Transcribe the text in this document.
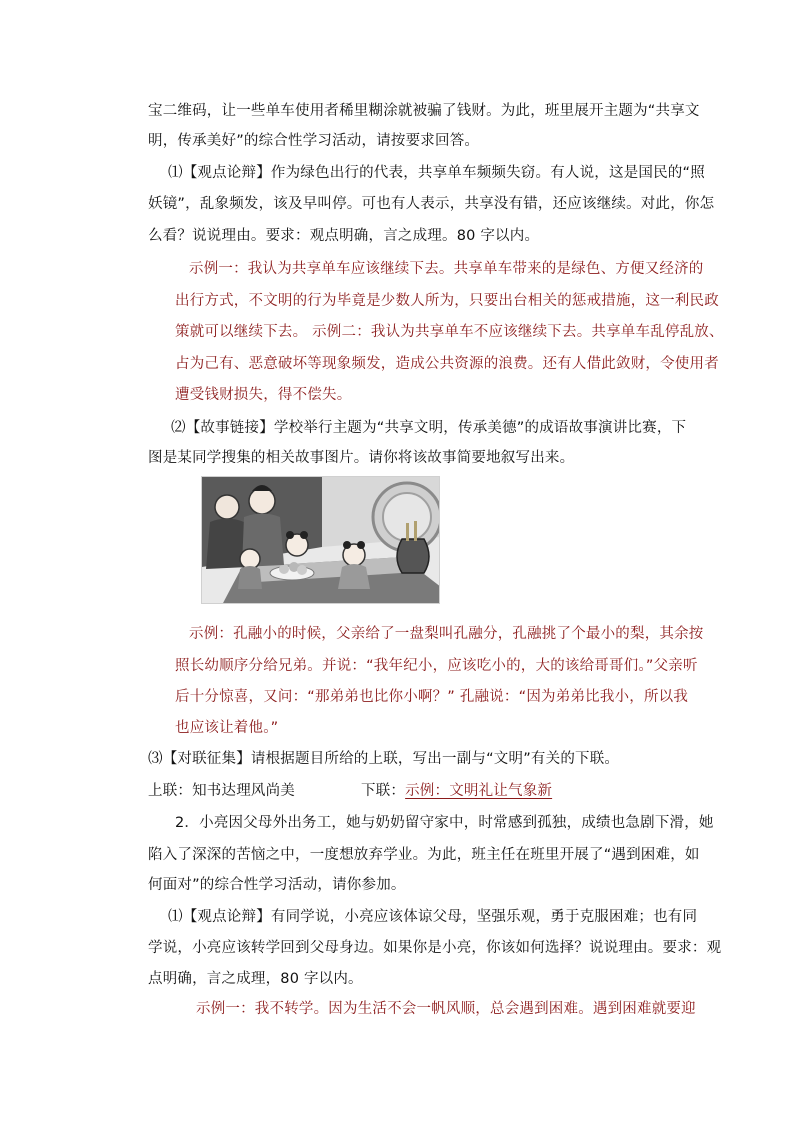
宝二维码，让一些单车使用者稀里糊涂就被骗了钱财。为此，班里展开主题为“共享文
明，传承美好”的综合性学习活动，请按要求回答。
⑴【观点论辩】作为绿色出行的代表，共享单车频频失窃。有人说，这是国民的“照
妖镜”，乱象频发，该及早叫停。可也有人表示，共享没有错，还应该继续。对此，你怎
么看？说说理由。要求：观点明确，言之成理。80 字以内。
示例一：我认为共享单车应该继续下去。共享单车带来的是绿色、方便又经济的
出行方式，不文明的行为毕竟是少数人所为，只要出台相关的惩戒措施，这一利民政
策就可以继续下去。 示例二：我认为共享单车不应该继续下去。共享单车乱停乱放、
占为己有、恶意破坏等现象频发，造成公共资源的浪费。还有人借此敛财，令使用者
遭受钱财损失，得不偿失。
⑵【故事链接】学校举行主题为“共享文明，传承美德”的成语故事演讲比赛，下
图是某同学搜集的相关故事图片。请你将该故事简要地叙写出来。
示例：孔融小的时候，父亲给了一盘梨叫孔融分，孔融挑了个最小的梨，其余按
照长幼顺序分给兄弟。并说：“我年纪小，应该吃小的，大的该给哥哥们。”父亲听
后十分惊喜，又问：“那弟弟也比你小啊？” 孔融说：“因为弟弟比我小，所以我
也应该让着他。”
⑶【对联征集】请根据题目所给的上联，写出一副与“文明”有关的下联。
上联：知书达理风尚美	下联：示例：文明礼让气象新
2．小亮因父母外出务工，她与奶奶留守家中，时常感到孤独，成绩也急剧下滑，她
陷入了深深的苦恼之中，一度想放弃学业。为此，班主任在班里开展了“遇到困难，如
何面对”的综合性学习活动，请你参加。
⑴【观点论辩】有同学说，小亮应该体谅父母，坚强乐观，勇于克服困难；也有同
学说，小亮应该转学回到父母身边。如果你是小亮，你该如何选择？说说理由。要求：观
点明确，言之成理，80 字以内。
示例一：我不转学。因为生活不会一帆风顺，总会遇到困难。遇到困难就要迎
